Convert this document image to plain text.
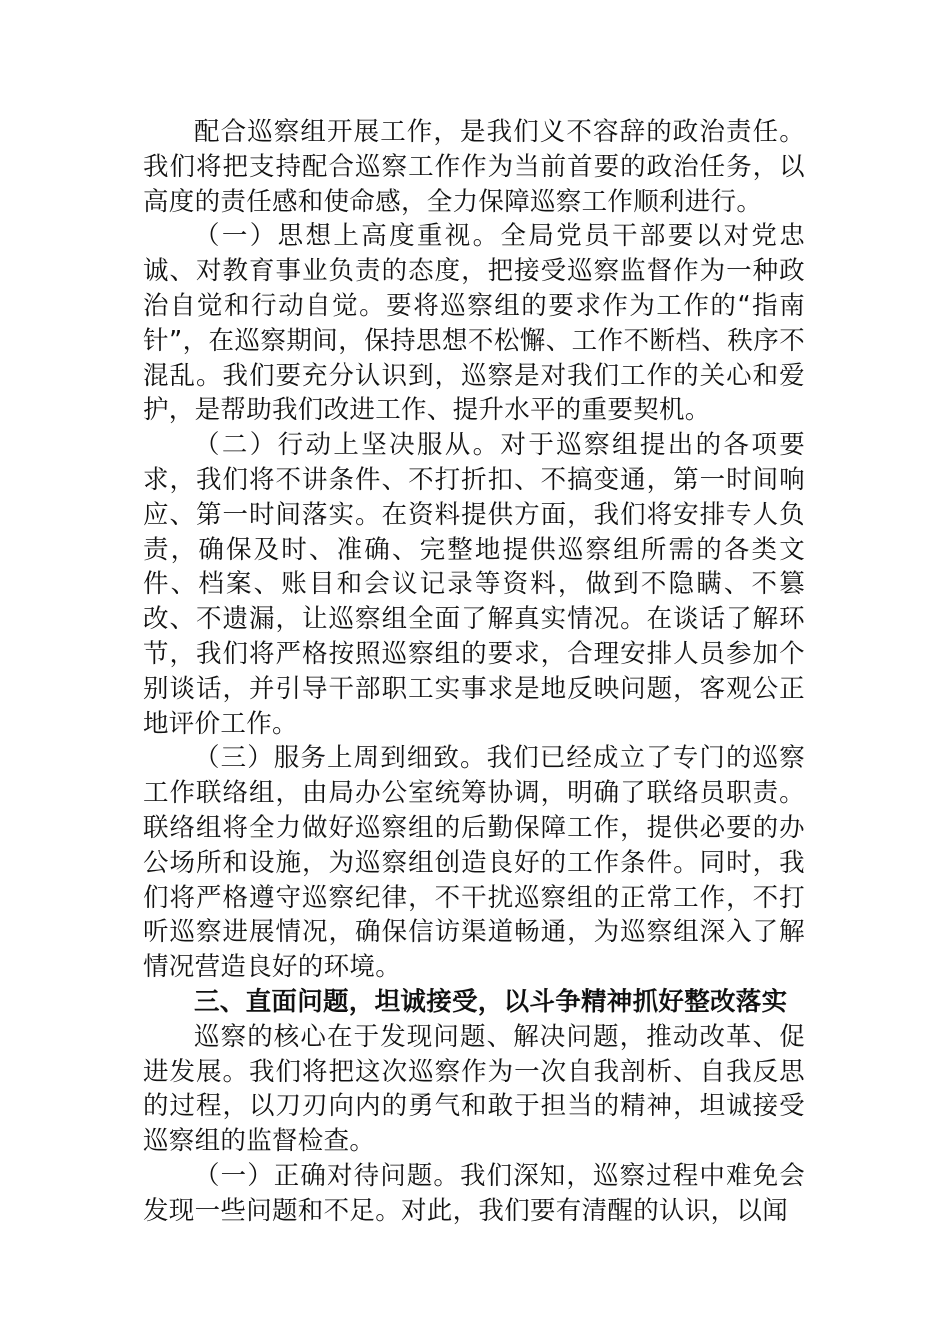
配合巡察组开展工作，是我们义不容辞的政治责任。我们将把支持配合巡察工作作为当前首要的政治任务，以高度的责任感和使命感，全力保障巡察工作顺利进行。

（一）思想上高度重视。全局党员干部要以对党忠诚、对教育事业负责的态度，把接受巡察监督作为一种政治自觉和行动自觉。要将巡察组的要求作为工作的“指南针”，在巡察期间，保持思想不松懈、工作不断档、秩序不混乱。我们要充分认识到，巡察是对我们工作的关心和爱护，是帮助我们改进工作、提升水平的重要契机。

（二）行动上坚决服从。对于巡察组提出的各项要求，我们将不讲条件、不打折扣、不搞变通，第一时间响应、第一时间落实。在资料提供方面，我们将安排专人负责，确保及时、准确、完整地提供巡察组所需的各类文件、档案、账目和会议记录等资料，做到不隐瞒、不篡改、不遗漏，让巡察组全面了解真实情况。在谈话了解环节，我们将严格按照巡察组的要求，合理安排人员参加个别谈话，并引导干部职工实事求是地反映问题，客观公正地评价工作。

（三）服务上周到细致。我们已经成立了专门的巡察工作联络组，由局办公室统筹协调，明确了联络员职责。联络组将全力做好巡察组的后勤保障工作，提供必要的办公场所和设施，为巡察组创造良好的工作条件。同时，我们将严格遵守巡察纪律，不干扰巡察组的正常工作，不打听巡察进展情况，确保信访渠道畅通，为巡察组深入了解情况营造良好的环境。

三、直面问题，坦诚接受，以斗争精神抓好整改落实

巡察的核心在于发现问题、解决问题，推动改革、促进发展。我们将把这次巡察作为一次自我剖析、自我反思的过程，以刀刃向内的勇气和敢于担当的精神，坦诚接受巡察组的监督检查。

（一）正确对待问题。我们深知，巡察过程中难免会发现一些问题和不足。对此，我们要有清醒的认识，以闻
